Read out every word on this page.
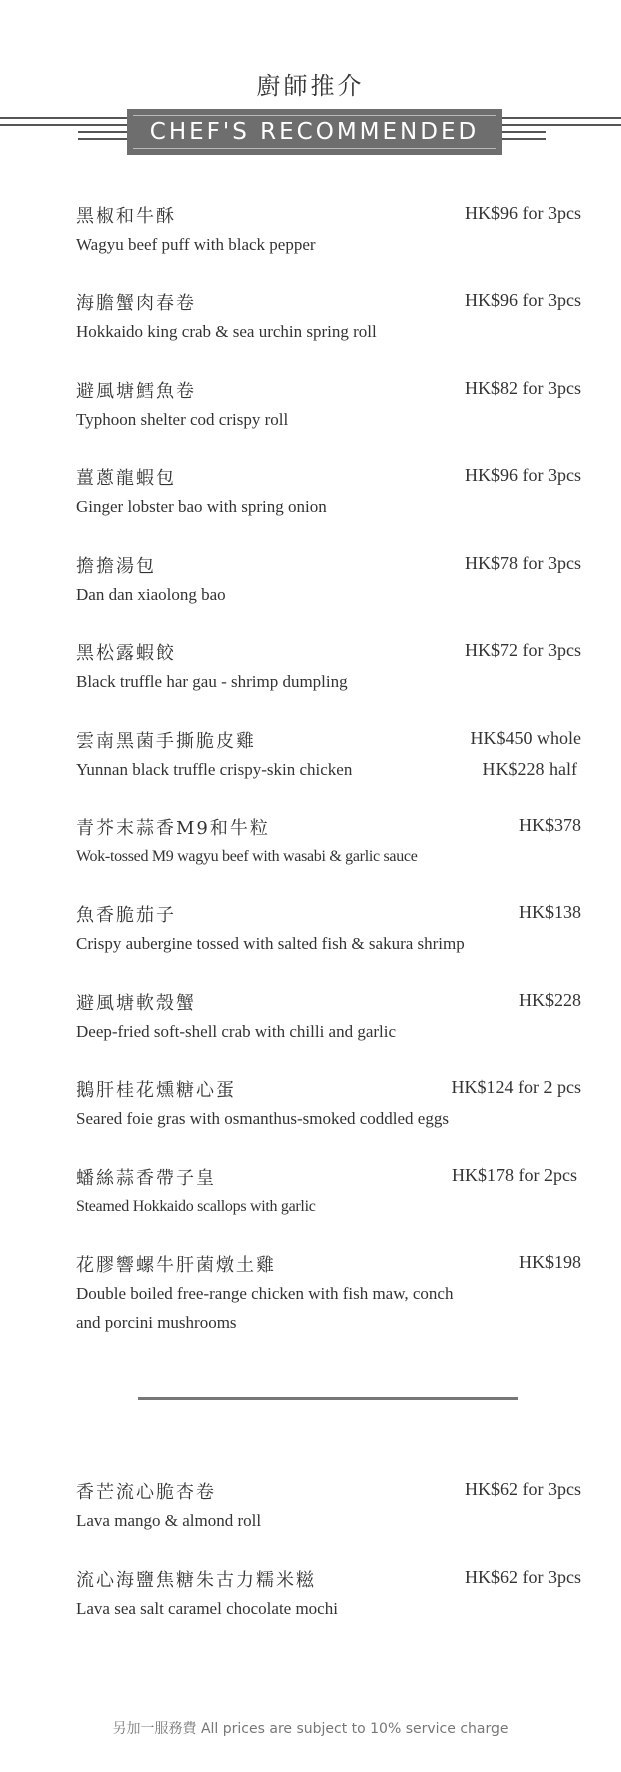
廚師推介
CHEF'S RECOMMENDED
黑椒和牛酥	HK$96 for 3pcs
Wagyu beef puff with black pepper
海膽蟹肉春卷	HK$96 for 3pcs
Hokkaido king crab & sea urchin spring roll
避風塘鱈魚卷	HK$82 for 3pcs
Typhoon shelter cod crispy roll
薑蔥龍蝦包	HK$96 for 3pcs
Ginger lobster bao with spring onion
擔擔湯包	HK$78 for 3pcs
Dan dan xiaolong bao
黑松露蝦餃	HK$72 for 3pcs
Black truffle har gau - shrimp dumpling
雲南黑菌手撕脆皮雞	HK$450 whole
Yunnan black truffle crispy-skin chicken	HK$228 half
青芥末蒜香M9和牛粒	HK$378
Wok-tossed M9 wagyu beef with wasabi & garlic sauce
魚香脆茄子	HK$138
Crispy aubergine tossed with salted fish & sakura shrimp
避風塘軟殼蟹	HK$228
Deep-fried soft-shell crab with chilli and garlic
鵝肝桂花燻糖心蛋	HK$124 for 2 pcs
Seared foie gras with osmanthus-smoked coddled eggs
蟠絲蒜香帶子皇	HK$178 for 2pcs
Steamed Hokkaido scallops with garlic
花膠響螺牛肝菌燉土雞	HK$198
Double boiled free-range chicken with fish maw, conch
and porcini mushrooms
香芒流心脆杏卷	HK$62 for 3pcs
Lava mango & almond roll
流心海鹽焦糖朱古力糯米糍	HK$62 for 3pcs
Lava sea salt caramel chocolate mochi
另加一服務費 All prices are subject to 10% service charge
